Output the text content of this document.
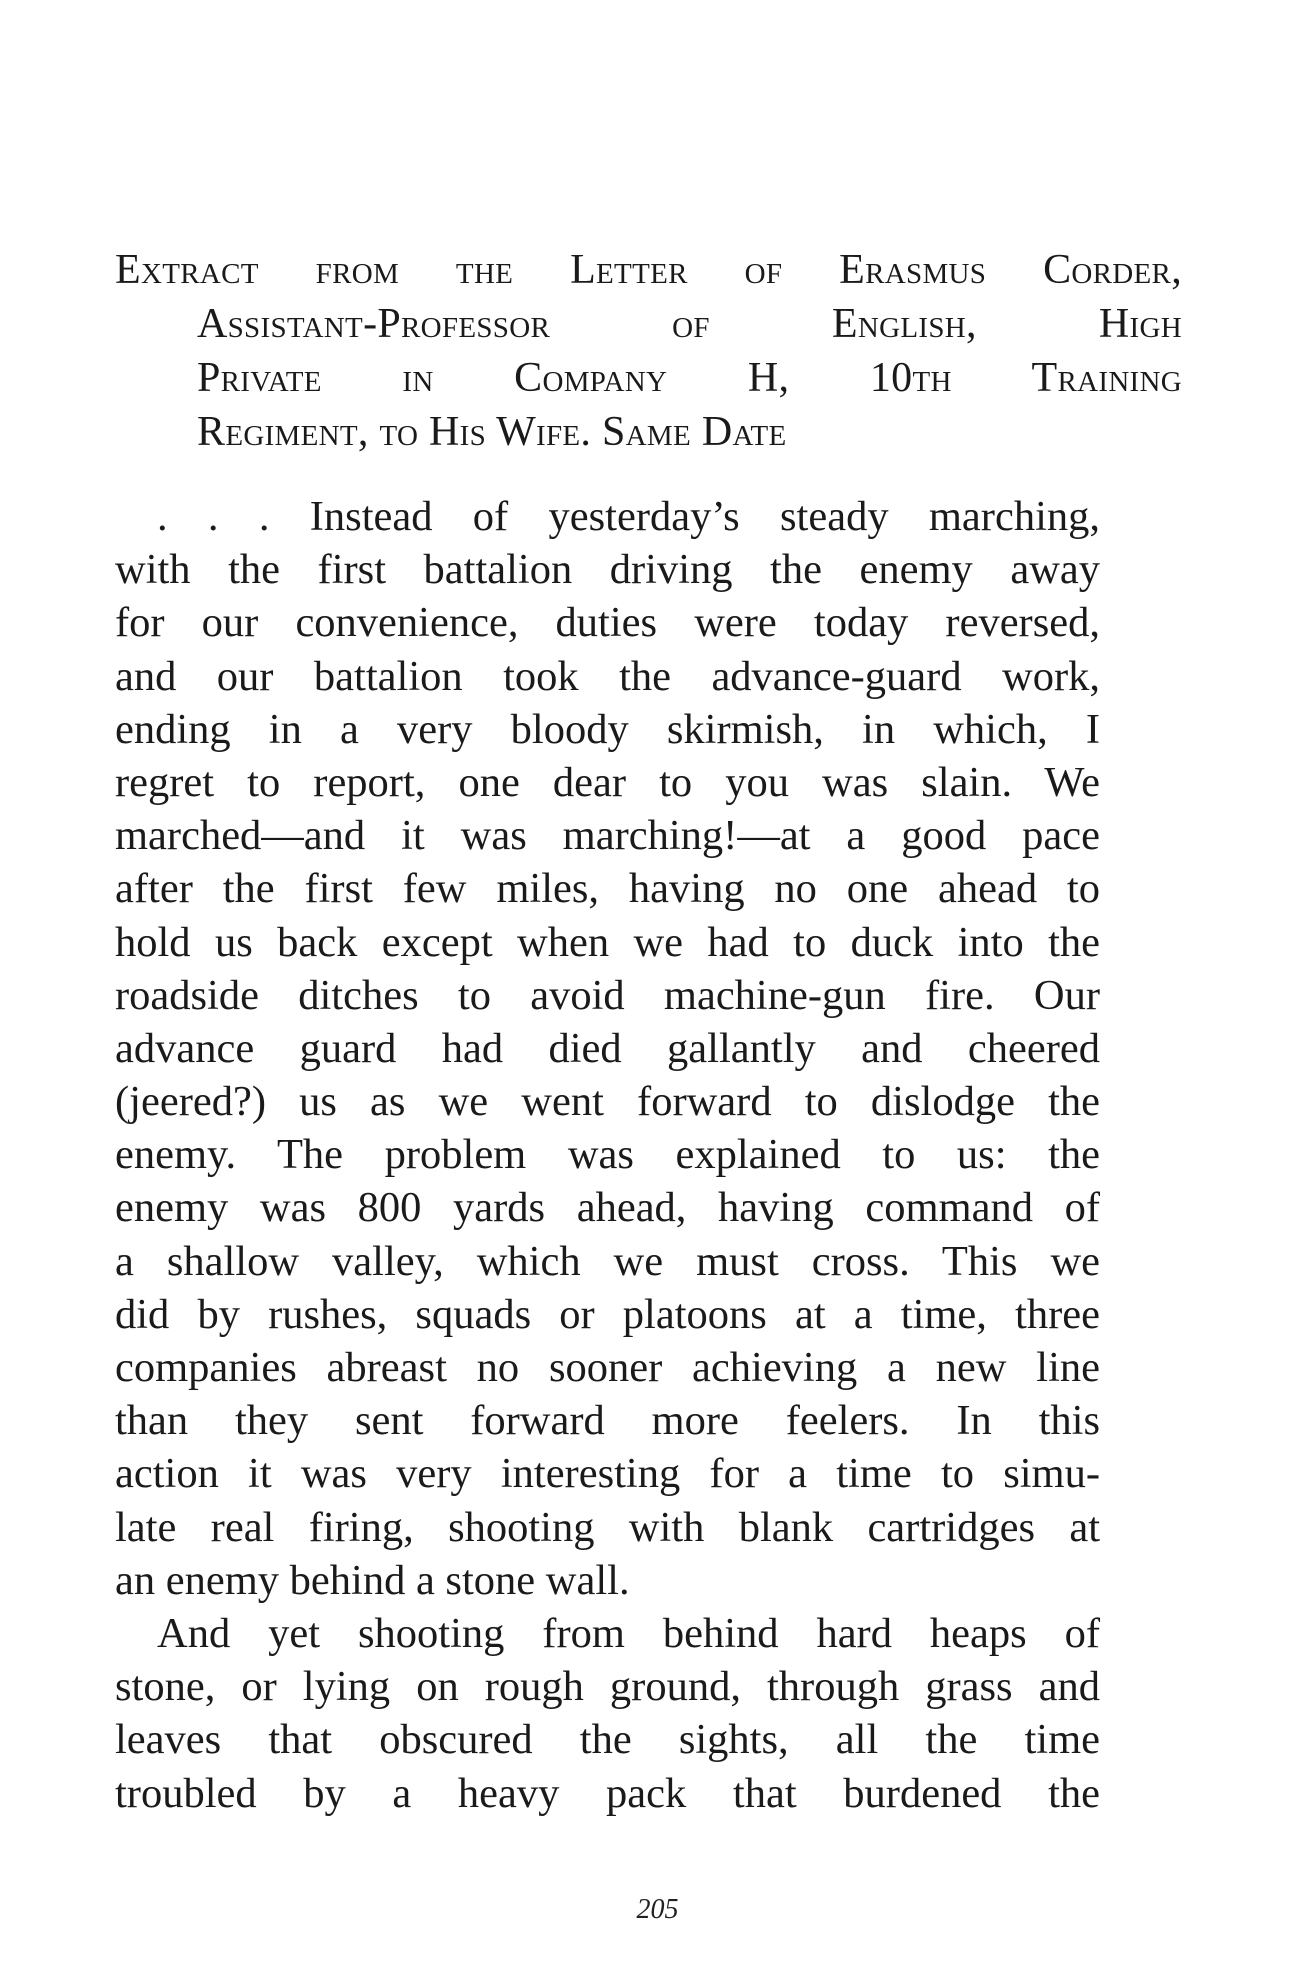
Extract from the Letter of Erasmus Corder,
Assistant-Professor of English, High
Private in Company H, 10th Training
Regiment, to His Wife. Same Date
. . . Instead of yesterday’s steady marching,
with the first battalion driving the enemy away
for our convenience, duties were today reversed,
and our battalion took the advance-guard work,
ending in a very bloody skirmish, in which, I
regret to report, one dear to you was slain. We
marched—and it was marching!—at a good pace
after the first few miles, having no one ahead to
hold us back except when we had to duck into the
roadside ditches to avoid machine-gun fire. Our
advance guard had died gallantly and cheered
(jeered?) us as we went forward to dislodge the
enemy. The problem was explained to us: the
enemy was 800 yards ahead, having command of
a shallow valley, which we must cross. This we
did by rushes, squads or platoons at a time, three
companies abreast no sooner achieving a new line
than they sent forward more feelers. In this
action it was very interesting for a time to simu-
late real firing, shooting with blank cartridges at
an enemy behind a stone wall.
And yet shooting from behind hard heaps of
stone, or lying on rough ground, through grass and
leaves that obscured the sights, all the time
troubled by a heavy pack that burdened the
205
